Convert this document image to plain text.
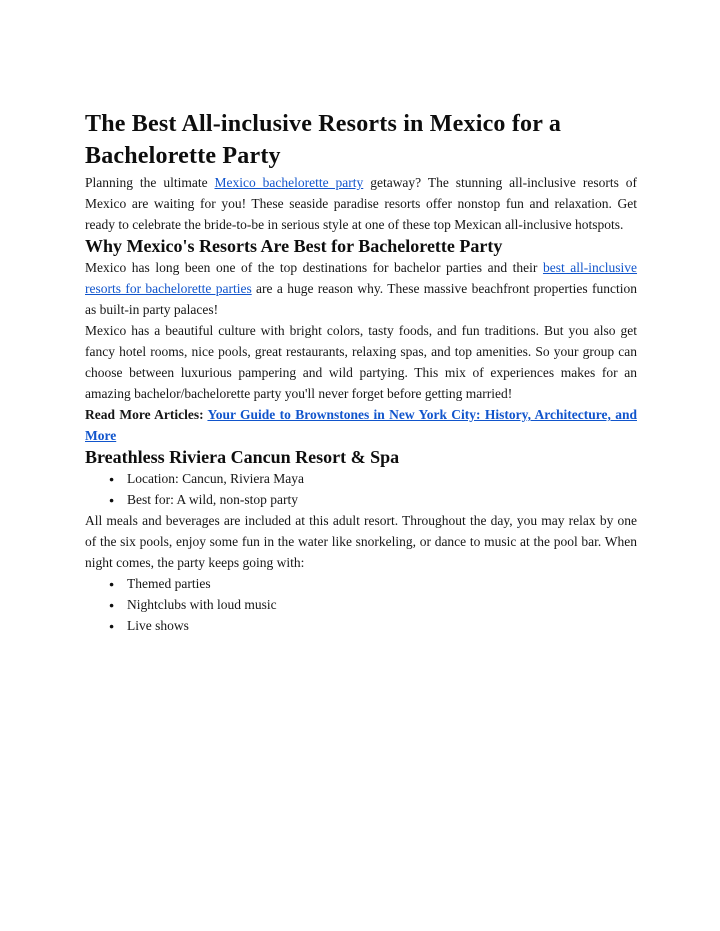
The Best All-inclusive Resorts in Mexico for a Bachelorette Party

Planning the ultimate Mexico bachelorette party getaway? The stunning all-inclusive resorts of Mexico are waiting for you! These seaside paradise resorts offer nonstop fun and relaxation. Get ready to celebrate the bride-to-be in serious style at one of these top Mexican all-inclusive hotspots.

Why Mexico's Resorts Are Best for Bachelorette Party

Mexico has long been one of the top destinations for bachelor parties and their best all-inclusive resorts for bachelorette parties are a huge reason why. These massive beachfront properties function as built-in party palaces!

Mexico has a beautiful culture with bright colors, tasty foods, and fun traditions. But you also get fancy hotel rooms, nice pools, great restaurants, relaxing spas, and top amenities. So your group can choose between luxurious pampering and wild partying. This mix of experiences makes for an amazing bachelor/bachelorette party you'll never forget before getting married!

Read More Articles: Your Guide to Brownstones in New York City: History, Architecture, and More

Breathless Riviera Cancun Resort & Spa
● Location: Cancun, Riviera Maya
● Best for: A wild, non-stop party

All meals and beverages are included at this adult resort. Throughout the day, you may relax by one of the six pools, enjoy some fun in the water like snorkeling, or dance to music at the pool bar. When night comes, the party keeps going with:

● Themed parties
● Nightclubs with loud music
● Live shows
